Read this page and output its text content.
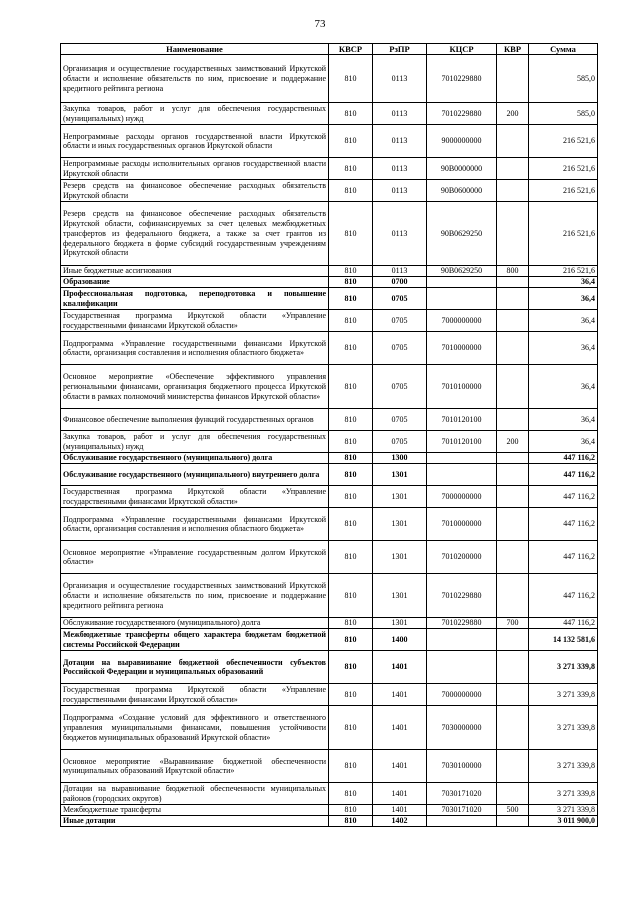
73
Наименование	КВСР	РзПР	КЦСР	КВР	Сумма
Организация и осуществление государственных заимствований Иркутской области и исполнение обязательств по ним, присвоение и поддержание кредитного рейтинга региона	810	0113	7010229880		585,0
Закупка товаров, работ и услуг для обеспечения государственных (муниципальных) нужд	810	0113	7010229880	200	585,0
Непрограммные расходы органов государственной власти Иркутской области и иных государственных органов Иркутской области	810	0113	9000000000		216 521,6
Непрограммные расходы исполнительных органов государственной власти Иркутской области	810	0113	90В0000000		216 521,6
Резерв средств на финансовое обеспечение расходных обязательств Иркутской области	810	0113	90В0600000		216 521,6
Резерв средств на финансовое обеспечение расходных обязательств Иркутской области, софинансируемых за счет целевых межбюджетных трансфертов из федерального бюджета, а также за счет грантов из федерального бюджета в форме субсидий государственным учреждениям Иркутской области	810	0113	90В0629250		216 521,6
Иные бюджетные ассигнования	810	0113	90В0629250	800	216 521,6
Образование	810	0700			36,4
Профессиональная подготовка, переподготовка и повышение квалификации	810	0705			36,4
Государственная программа Иркутской области «Управление государственными финансами Иркутской области»	810	0705	7000000000		36,4
Подпрограмма «Управление государственными финансами Иркутской области, организация составления и исполнения областного бюджета»	810	0705	7010000000		36,4
Основное мероприятие «Обеспечение эффективного управления региональными финансами, организация бюджетного процесса Иркутской области в рамках полномочий министерства финансов Иркутской области»	810	0705	7010100000		36,4
Финансовое обеспечение выполнения функций государственных органов	810	0705	7010120100		36,4
Закупка товаров, работ и услуг для обеспечения государственных (муниципальных) нужд	810	0705	7010120100	200	36,4
Обслуживание государственного (муниципального) долга	810	1300			447 116,2
Обслуживание государственного (муниципального) внутреннего долга	810	1301			447 116,2
Государственная программа Иркутской области «Управление государственными финансами Иркутской области»	810	1301	7000000000		447 116,2
Подпрограмма «Управление государственными финансами Иркутской области, организация составления и исполнения областного бюджета»	810	1301	7010000000		447 116,2
Основное мероприятие «Управление государственным долгом Иркутской области»	810	1301	7010200000		447 116,2
Организация и осуществление государственных заимствований Иркутской области и исполнение обязательств по ним, присвоение и поддержание кредитного рейтинга региона	810	1301	7010229880		447 116,2
Обслуживание государственного (муниципального) долга	810	1301	7010229880	700	447 116,2
Межбюджетные трансферты общего характера бюджетам бюджетной системы Российской Федерации	810	1400			14 132 581,6
Дотации на выравнивание бюджетной обеспеченности субъектов Российской Федерации и муниципальных образований	810	1401			3 271 339,8
Государственная программа Иркутской области «Управление государственными финансами Иркутской области»	810	1401	7000000000		3 271 339,8
Подпрограмма «Создание условий для эффективного и ответственного управления муниципальными финансами, повышения устойчивости бюджетов муниципальных образований Иркутской области»	810	1401	7030000000		3 271 339,8
Основное мероприятие «Выравнивание бюджетной обеспеченности муниципальных образований Иркутской области»	810	1401	7030100000		3 271 339,8
Дотации на выравнивание бюджетной обеспеченности муниципальных районов (городских округов)	810	1401	7030171020		3 271 339,8
Межбюджетные трансферты	810	1401	7030171020	500	3 271 339,8
Иные дотации	810	1402			3 011 900,0
